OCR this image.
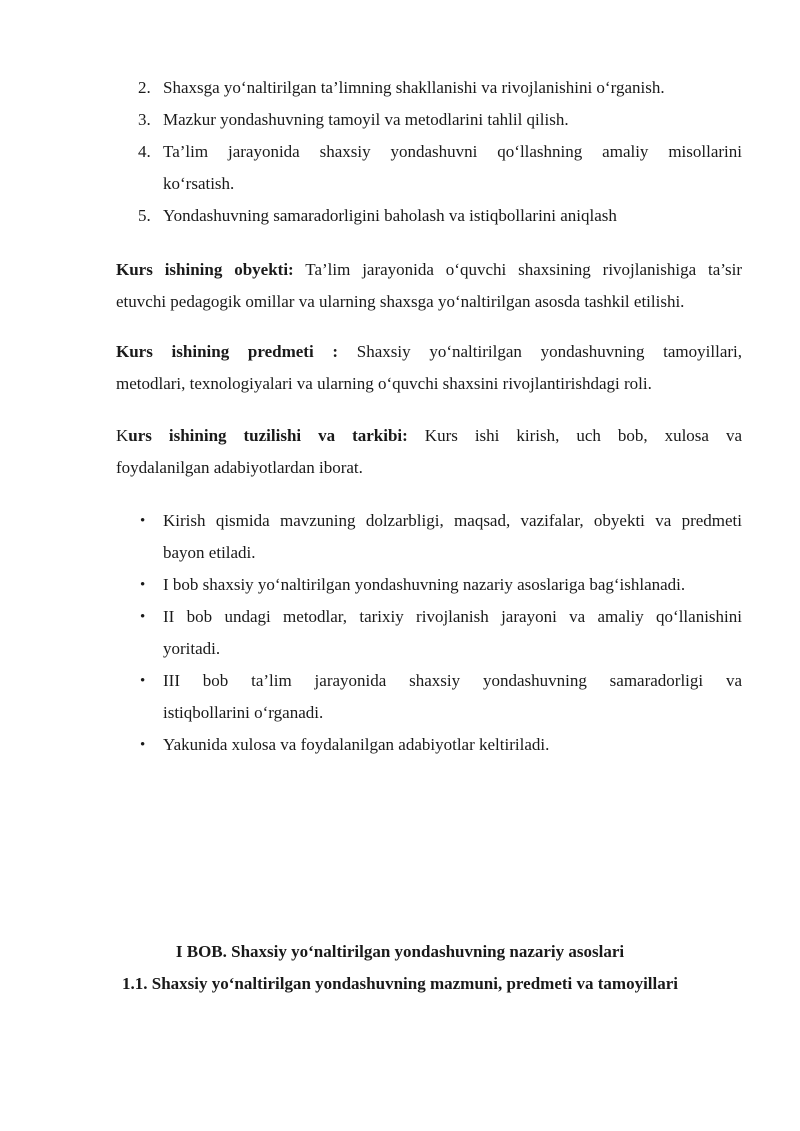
2. Shaxsga yo‘naltirilgan ta’limning shakllanishi va rivojlanishini o‘rganish.
3. Mazkur yondashuvning tamoyil va metodlarini tahlil qilish.
4. Ta’lim jarayonida shaxsiy yondashuvni qo‘llashning amaliy misollarini
ko‘rsatish.
5. Yondashuvning samaradorligini baholash va istiqbollarini aniqlash

Kurs ishining obyekti: Ta’lim jarayonida o‘quvchi shaxsining rivojlanishiga ta’sir
etuvchi pedagogik omillar va ularning shaxsga yo‘naltirilgan asosda tashkil etilishi.

Kurs ishining predmeti : Shaxsiy yo‘naltirilgan yondashuvning tamoyillari,
metodlari, texnologiyalari va ularning o‘quvchi shaxsini rivojlantirishdagi roli.

Kurs ishining tuzilishi va tarkibi: Kurs ishi kirish, uch bob, xulosa va
foydalanilgan adabiyotlardan iborat.

• Kirish qismida mavzuning dolzarbligi, maqsad, vazifalar, obyekti va predmeti
bayon etiladi.
• I bob shaxsiy yo‘naltirilgan yondashuvning nazariy asoslariga bag‘ishlanadi.
• II bob undagi metodlar, tarixiy rivojlanish jarayoni va amaliy qo‘llanishini
yoritadi.
• III bob ta’lim jarayonida shaxsiy yondashuvning samaradorligi va
istiqbollarini o‘rganadi.
• Yakunida xulosa va foydalanilgan adabiyotlar keltiriladi.

I BOB. Shaxsiy yo‘naltirilgan yondashuvning nazariy asoslari

1.1. Shaxsiy yo‘naltirilgan yondashuvning mazmuni, predmeti va tamoyillari
